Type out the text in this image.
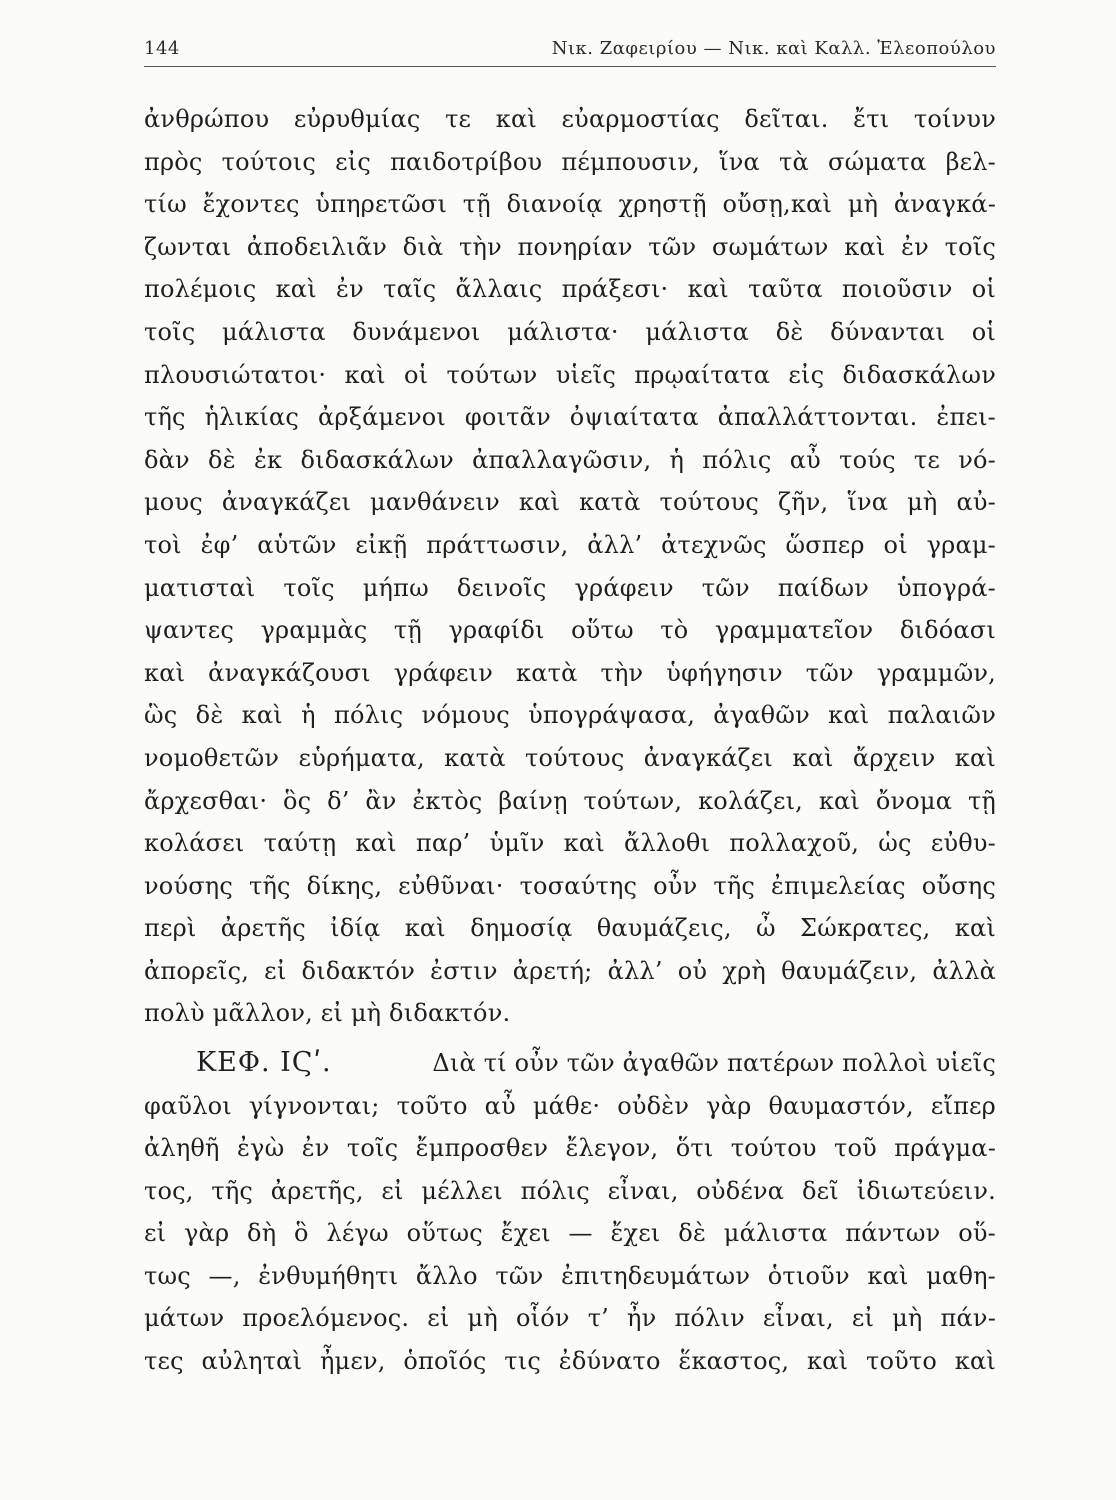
144	Νικ. Ζαφειρίου — Νικ. καὶ Καλλ. Ἐλεοπούλου
ἀνθρώπου εὐρυθμίας τε καὶ εὐαρμοστίας δεῖται. ἔτι τοίνυν
πρὸς τούτοις εἰς παιδοτρίβου πέμπουσιν, ἵνα τὰ σώματα βελ-
τίω ἔχοντες ὑπηρετῶσι τῇ διανοίᾳ χρηστῇ οὔσῃ,καὶ μὴ ἀναγκά-
ζωνται ἀποδειλιᾶν διὰ τὴν πονηρίαν τῶν σωμάτων καὶ ἐν τοῖς
πολέμοις καὶ ἐν ταῖς ἄλλαις πράξεσι· καὶ ταῦτα ποιοῦσιν οἱ
τοῖς μάλιστα δυνάμενοι μάλιστα· μάλιστα δὲ δύνανται οἱ
πλουσιώτατοι· καὶ οἱ τούτων υἱεῖς πρῳαίτατα εἰς διδασκάλων
τῆς ἡλικίας ἀρξάμενοι φοιτᾶν ὀψιαίτατα ἀπαλλάττονται. ἐπει-
δὰν δὲ ἐκ διδασκάλων ἀπαλλαγῶσιν, ἡ πόλις αὖ τούς τε νό-
μους ἀναγκάζει μανθάνειν καὶ κατὰ τούτους ζῆν, ἵνα μὴ αὐ-
τοὶ ἐφ’ αὑτῶν εἰκῇ πράττωσιν, ἀλλ’ ἀτεχνῶς ὥσπερ οἱ γραμ-
ματισταὶ τοῖς μήπω δεινοῖς γράφειν τῶν παίδων ὑπογρά-
ψαντες γραμμὰς τῇ γραφίδι οὕτω τὸ γραμματεῖον διδόασι
καὶ ἀναγκάζουσι γράφειν κατὰ τὴν ὑφήγησιν τῶν γραμμῶν,
ὣς δὲ καὶ ἡ πόλις νόμους ὑπογράψασα, ἀγαθῶν καὶ παλαιῶν
νομοθετῶν εὑρήματα, κατὰ τούτους ἀναγκάζει καὶ ἄρχειν καὶ
ἄρχεσθαι· ὃς δ’ ἂν ἐκτὸς βαίνῃ τούτων, κολάζει, καὶ ὄνομα τῇ
κολάσει ταύτῃ καὶ παρ’ ὑμῖν καὶ ἄλλοθι πολλαχοῦ, ὡς εὐθυ-
νούσης τῆς δίκης, εὐθῦναι· τοσαύτης οὖν τῆς ἐπιμελείας οὔσης
περὶ ἀρετῆς ἰδίᾳ καὶ δημοσίᾳ θαυμάζεις, ὦ Σώκρατες, καὶ
ἀπορεῖς, εἰ διδακτόν ἐστιν ἀρετή; ἀλλ’ οὐ χρὴ θαυμάζειν, ἀλλὰ
πολὺ μᾶλλον, εἰ μὴ διδακτόν.
ΚΕΦ. ΙϚʹ.	Διὰ τί οὖν τῶν ἀγαθῶν πατέρων πολλοὶ υἱεῖς
φαῦλοι γίγνονται; τοῦτο αὖ μάθε· οὐδὲν γὰρ θαυμαστόν, εἴπερ
ἀληθῆ ἐγὼ ἐν τοῖς ἔμπροσθεν ἔλεγον, ὅτι τούτου τοῦ πράγμα-
τος, τῆς ἀρετῆς, εἰ μέλλει πόλις εἶναι, οὐδένα δεῖ ἰδιωτεύειν.
εἰ γὰρ δὴ ὃ λέγω οὕτως ἔχει — ἔχει δὲ μάλιστα πάντων οὕ-
τως —, ἐνθυμήθητι ἄλλο τῶν ἐπιτηδευμάτων ὁτιοῦν καὶ μαθη-
μάτων προελόμενος. εἰ μὴ οἷόν τ’ ἦν πόλιν εἶναι, εἰ μὴ πάν-
τες αὐληταὶ ἦμεν, ὁποῖός τις ἐδύνατο ἕκαστος, καὶ τοῦτο καὶ
